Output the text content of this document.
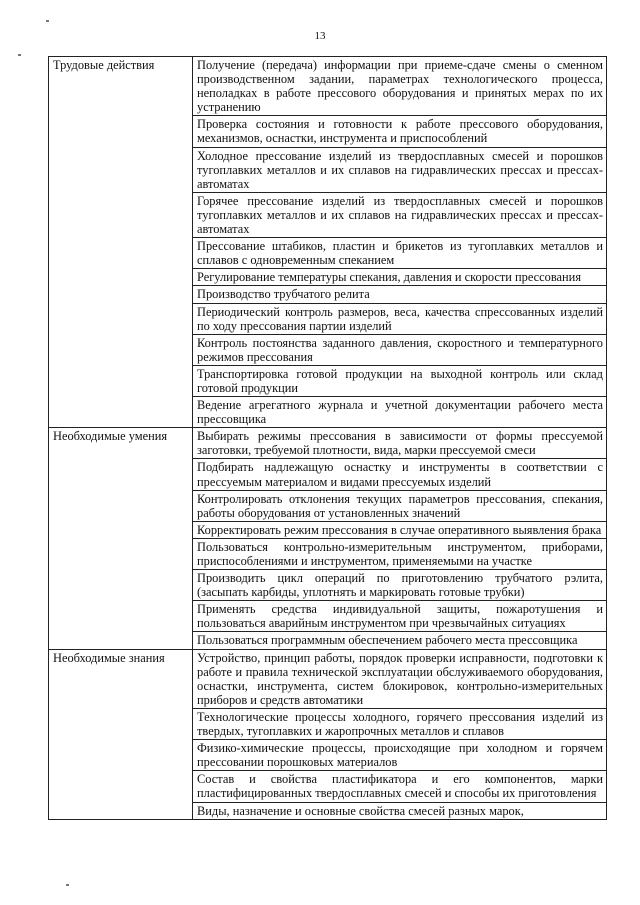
13
Трудовые действия	Получение (передача) информации при приеме-сдаче смены о сменном производственном задании, параметрах технологического процесса, неполадках в работе прессового оборудования и принятых мерах по их устранению
	Проверка состояния и готовности к работе прессового оборудования, механизмов, оснастки, инструмента и приспособлений
	Холодное прессование изделий из твердосплавных смесей и порошков тугоплавких металлов и их сплавов на гидравлических прессах и прессах-автоматах
	Горячее прессование изделий из твердосплавных смесей и порошков тугоплавких металлов и их сплавов на гидравлических прессах и прессах-автоматах
	Прессование штабиков, пластин и брикетов из тугоплавких металлов и сплавов с одновременным спеканием
	Регулирование температуры спекания, давления и скорости прессования
	Производство трубчатого релита
	Периодический контроль размеров, веса, качества спрессованных изделий по ходу прессования партии изделий
	Контроль постоянства заданного давления, скоростного и температурного режимов прессования
	Транспортировка готовой продукции на выходной контроль или склад готовой продукции
	Ведение агрегатного журнала и учетной документации рабочего места прессовщика
Необходимые умения	Выбирать режимы прессования в зависимости от формы прессуемой заготовки, требуемой плотности, вида, марки прессуемой смеси
	Подбирать надлежащую оснастку и инструменты в соответствии с прессуемым материалом и видами прессуемых изделий
	Контролировать отклонения текущих параметров прессования, спекания, работы оборудования от установленных значений
	Корректировать режим прессования в случае оперативного выявления брака
	Пользоваться контрольно-измерительным инструментом, приборами, приспособлениями и инструментом, применяемыми на участке
	Производить цикл операций по приготовлению трубчатого рэлита, (засыпать карбиды, уплотнять и маркировать готовые трубки)
	Применять средства индивидуальной защиты, пожаротушения и пользоваться аварийным инструментом при чрезвычайных ситуациях
	Пользоваться программным обеспечением рабочего места прессовщика
Необходимые знания	Устройство, принцип работы, порядок проверки исправности, подготовки к работе и правила технической эксплуатации обслуживаемого оборудования, оснастки, инструмента, систем блокировок, контрольно-измерительных приборов и средств автоматики
	Технологические процессы холодного, горячего прессования изделий из твердых, тугоплавких и жаропрочных металлов и сплавов
	Физико-химические процессы, происходящие при холодном и горячем прессовании порошковых материалов
	Состав и свойства пластификатора и его компонентов, марки пластифицированных твердосплавных смесей и способы их приготовления
	Виды, назначение и основные свойства смесей разных марок,
